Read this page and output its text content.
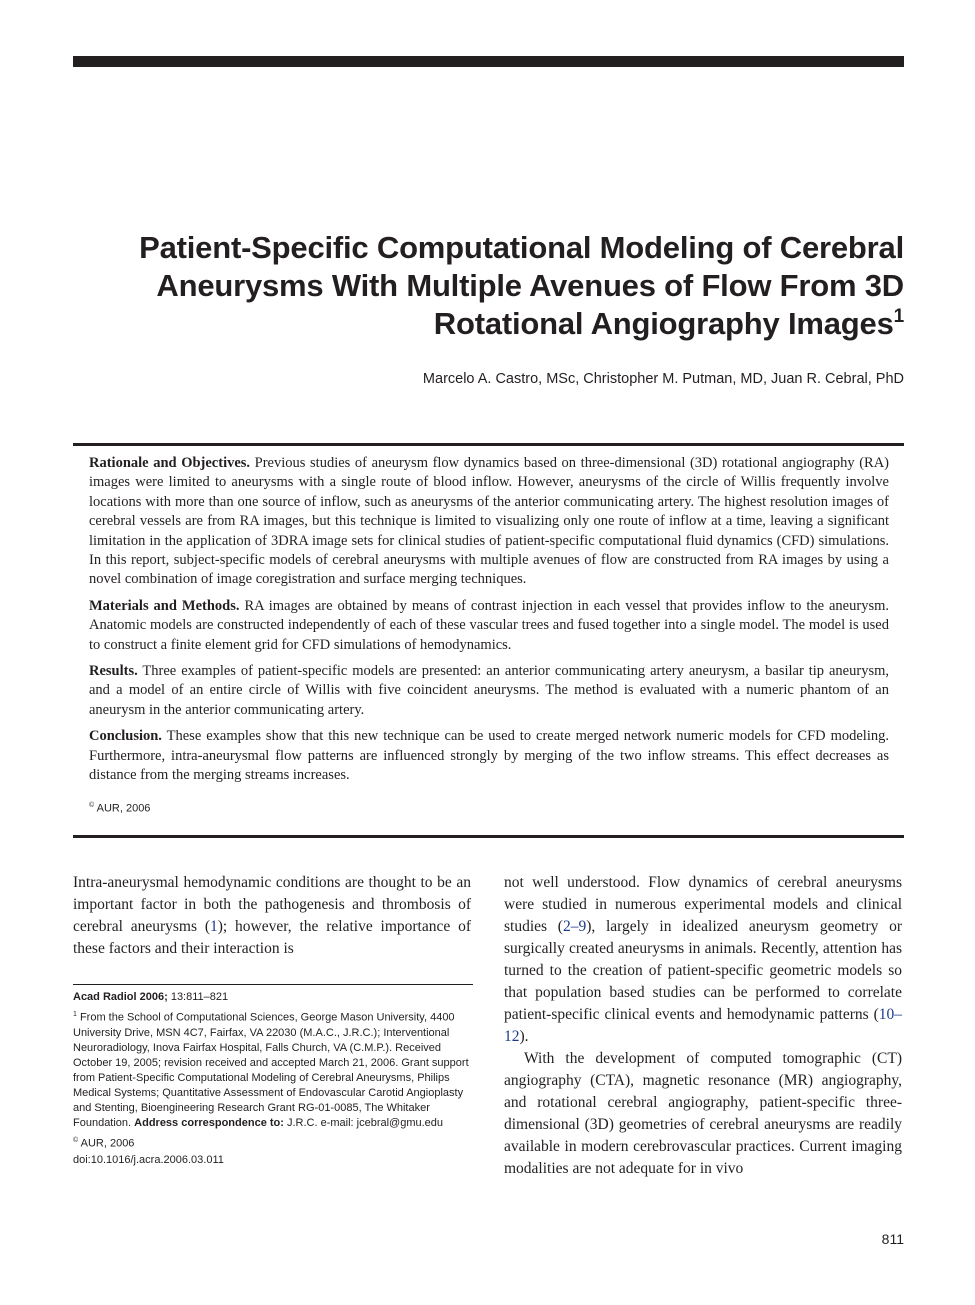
Patient-Specific Computational Modeling of Cerebral Aneurysms With Multiple Avenues of Flow From 3D Rotational Angiography Images$^1$
Marcelo A. Castro, MSc, Christopher M. Putman, MD, Juan R. Cebral, PhD

Rationale and Objectives. Previous studies of aneurysm flow dynamics based on three-dimensional (3D) rotational angiography (RA) images were limited to aneurysms with a single route of blood inflow. However, aneurysms of the circle of Willis frequently involve locations with more than one source of inflow, such as aneurysms of the anterior communicating artery. The highest resolution images of cerebral vessels are from RA images, but this technique is limited to visualizing only one route of inflow at a time, leaving a significant limitation in the application of 3DRA image sets for clinical studies of patient-specific computational fluid dynamics (CFD) simulations. In this report, subject-specific models of cerebral aneurysms with multiple avenues of flow are constructed from RA images by using a novel combination of image coregistration and surface merging techniques.

Materials and Methods. RA images are obtained by means of contrast injection in each vessel that provides inflow to the aneurysm. Anatomic models are constructed independently of each of these vascular trees and fused together into a single model. The model is used to construct a finite element grid for CFD simulations of hemodynamics.

Results. Three examples of patient-specific models are presented: an anterior communicating artery aneurysm, a basilar tip aneurysm, and a model of an entire circle of Willis with five coincident aneurysms. The method is evaluated with a numeric phantom of an aneurysm in the anterior communicating artery.

Conclusion. These examples show that this new technique can be used to create merged network numeric models for CFD modeling. Furthermore, intra-aneurysmal flow patterns are influenced strongly by merging of the two inflow streams. This effect decreases as distance from the merging streams increases.

© AUR, 2006

Intra-aneurysmal hemodynamic conditions are thought to be an important factor in both the pathogenesis and thrombosis of cerebral aneurysms (1); however, the relative importance of these factors and their interaction is

Acad Radiol 2006; 13:811–821

$^1$ From the School of Computational Sciences, George Mason University, 4400 University Drive, MSN 4C7, Fairfax, VA 22030 (M.A.C., J.R.C.); Interventional Neuroradiology, Inova Fairfax Hospital, Falls Church, VA (C.M.P.). Received October 19, 2005; revision received and accepted March 21, 2006. Grant support from Patient-Specific Computational Modeling of Cerebral Aneurysms, Philips Medical Systems; Quantitative Assessment of Endovascular Carotid Angioplasty and Stenting, Bioengineering Research Grant RG-01-0085, The Whitaker Foundation. Address correspondence to: J.R.C. e-mail: jcebral@gmu.edu

© AUR, 2006

doi:10.1016/j.acra.2006.03.011

not well understood. Flow dynamics of cerebral aneurysms were studied in numerous experimental models and clinical studies (2–9), largely in idealized aneurysm geometry or surgically created aneurysms in animals. Recently, attention has turned to the creation of patient-specific geometric models so that population based studies can be performed to correlate patient-specific clinical events and hemodynamic patterns (10–12).

With the development of computed tomographic (CT) angiography (CTA), magnetic resonance (MR) angiography, and rotational cerebral angiography, patient-specific three-dimensional (3D) geometries of cerebral aneurysms are readily available in modern cerebrovascular practices. Current imaging modalities are not adequate for in vivo

811
